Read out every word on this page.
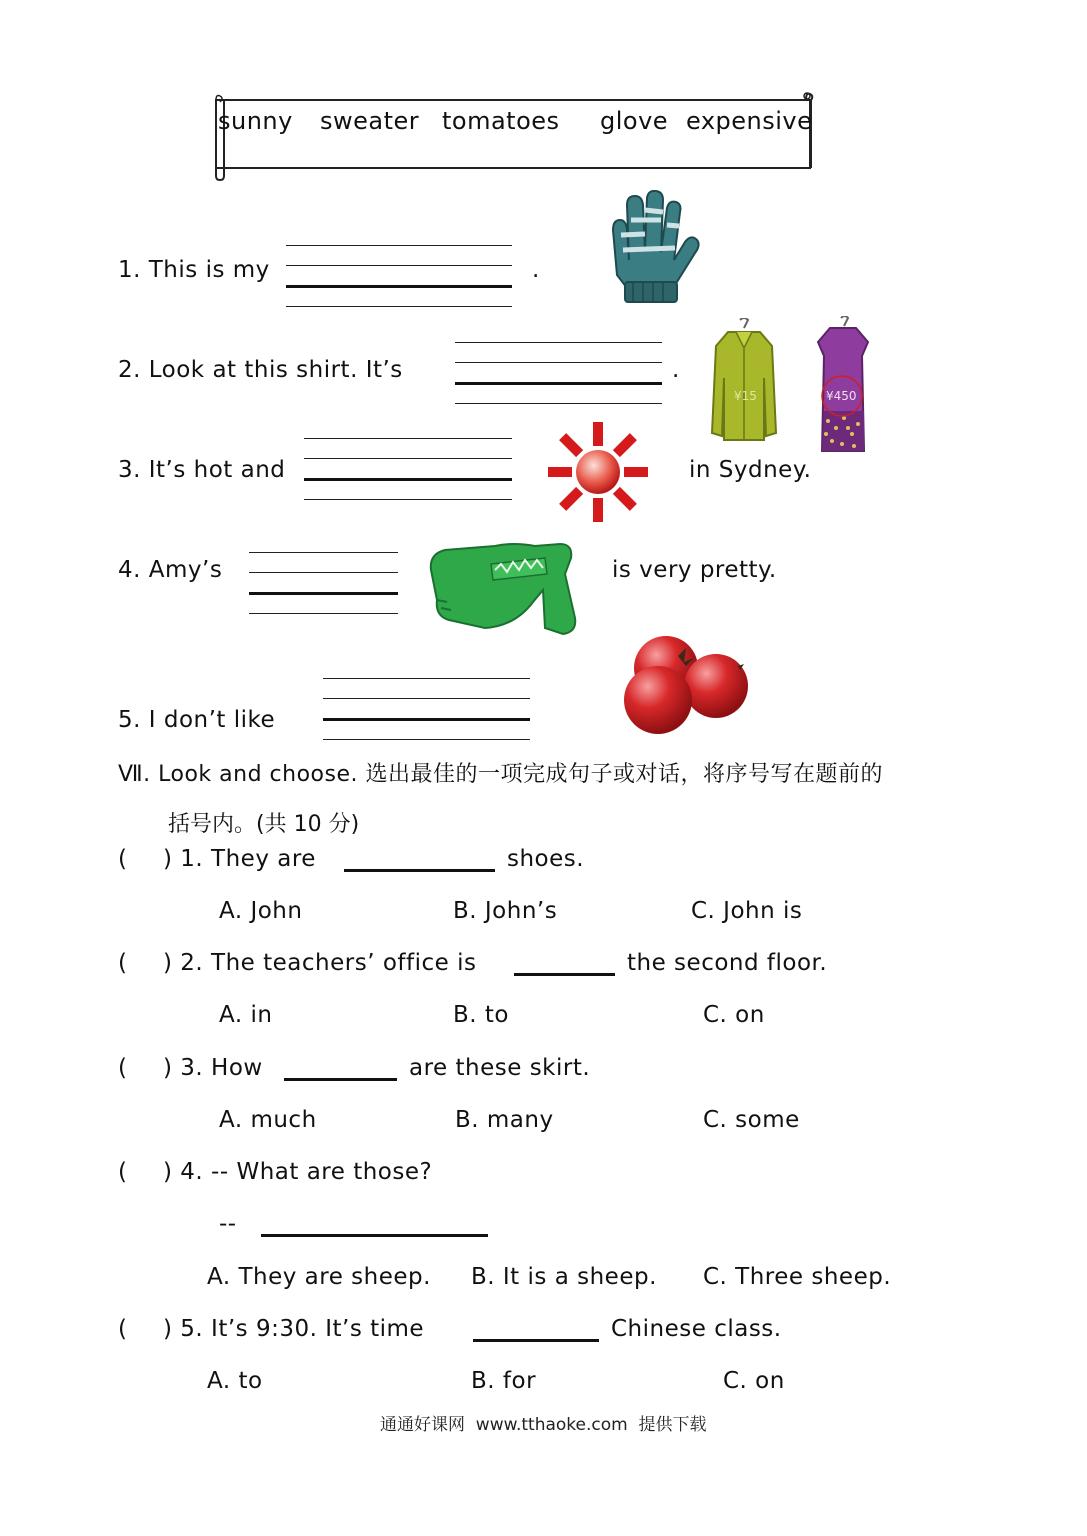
sunny sweater tomatoes glove expensive
1. This is my	.
2. Look at this shirt. It’s	.
¥15	¥450
3. It’s hot and	in Sydney.
4. Amy’s	is very pretty.
5. I don’t like
Ⅶ. Look and choose. 选出最佳的一项完成句子或对话，将序号写在题前的
括号内。(共 10 分)
( ) 1. They are	shoes.
A. John	B. John’s	C. John is
( ) 2. The teachers’ office is	the second floor.
A. in	B. to	C. on
( ) 3. How	are these skirt.
A. much	B. many	C. some
( ) 4. -- What are those?
--
A. They are sheep. B. It is a sheep. C. Three sheep.
( ) 5. It’s 9:30. It’s time	Chinese class.
A. to	B. for	C. on
通通好课网  www.tthaoke.com  提供下载
